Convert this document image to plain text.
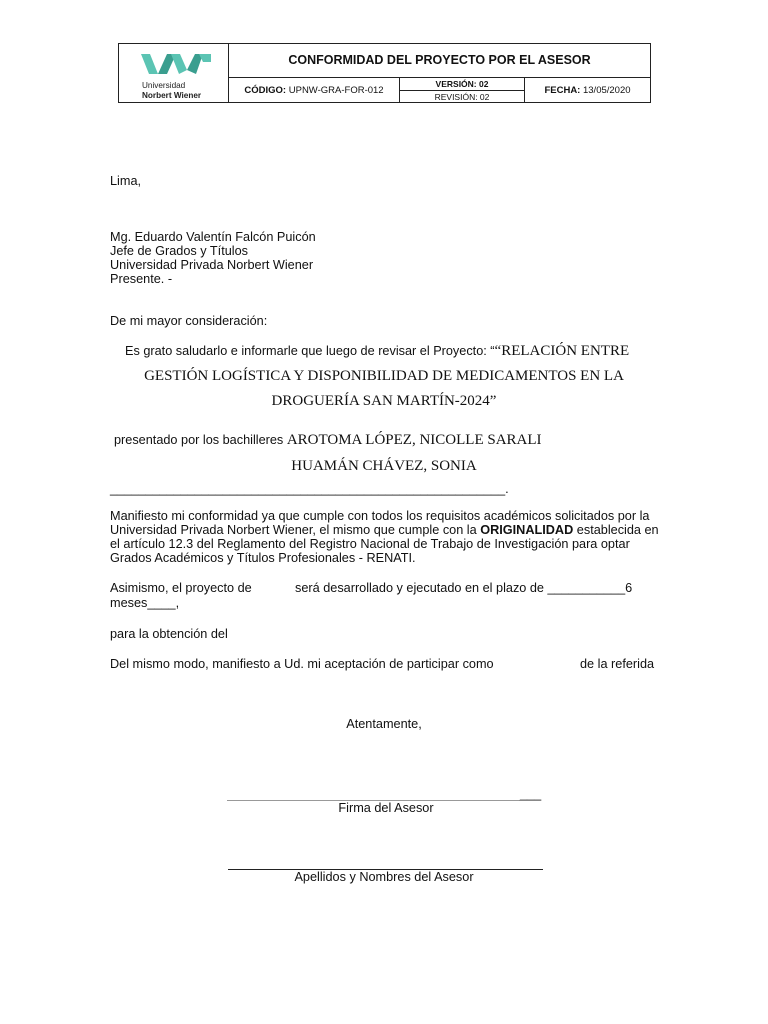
Universidad
Norbert Wiener
CONFORMIDAD DEL PROYECTO POR EL ASESOR
CÓDIGO: UPNW-GRA-FOR-012
VERSIÓN: 02
REVISIÓN: 02
FECHA: 13/05/2020
Lima,
Mg. Eduardo Valentín Falcón Puicón
Jefe de Grados y Títulos
Universidad Privada Norbert Wiener
Presente. -
De mi mayor consideración:
Es grato saludarlo e informarle que luego de revisar el Proyecto: ““RELACIÓN ENTRE
GESTIÓN LOGÍSTICA Y DISPONIBILIDAD DE MEDICAMENTOS EN LA
DROGUERÍA SAN MARTÍN-2024”
presentado por los bachilleres AROTOMA LÓPEZ, NICOLLE SARALI
HUAMÁN CHÁVEZ, SONIA
________________________________________________________.
Manifiesto mi conformidad ya que cumple con todos los requisitos académicos solicitados por la Universidad Privada Norbert Wiener, el mismo que cumple con la ORIGINALIDAD establecida en el artículo 12.3 del Reglamento del Registro Nacional de Trabajo de Investigación para optar Grados Académicos y Títulos Profesionales - RENATI.
Asimismo, el proyecto de	será desarrollado y ejecutado en el plazo de ___________6
meses____,
para la obtención del
Del mismo modo, manifiesto a Ud. mi aceptación de participar como	de la referida
Atentamente,
___
Firma del Asesor
Apellidos y Nombres del Asesor
